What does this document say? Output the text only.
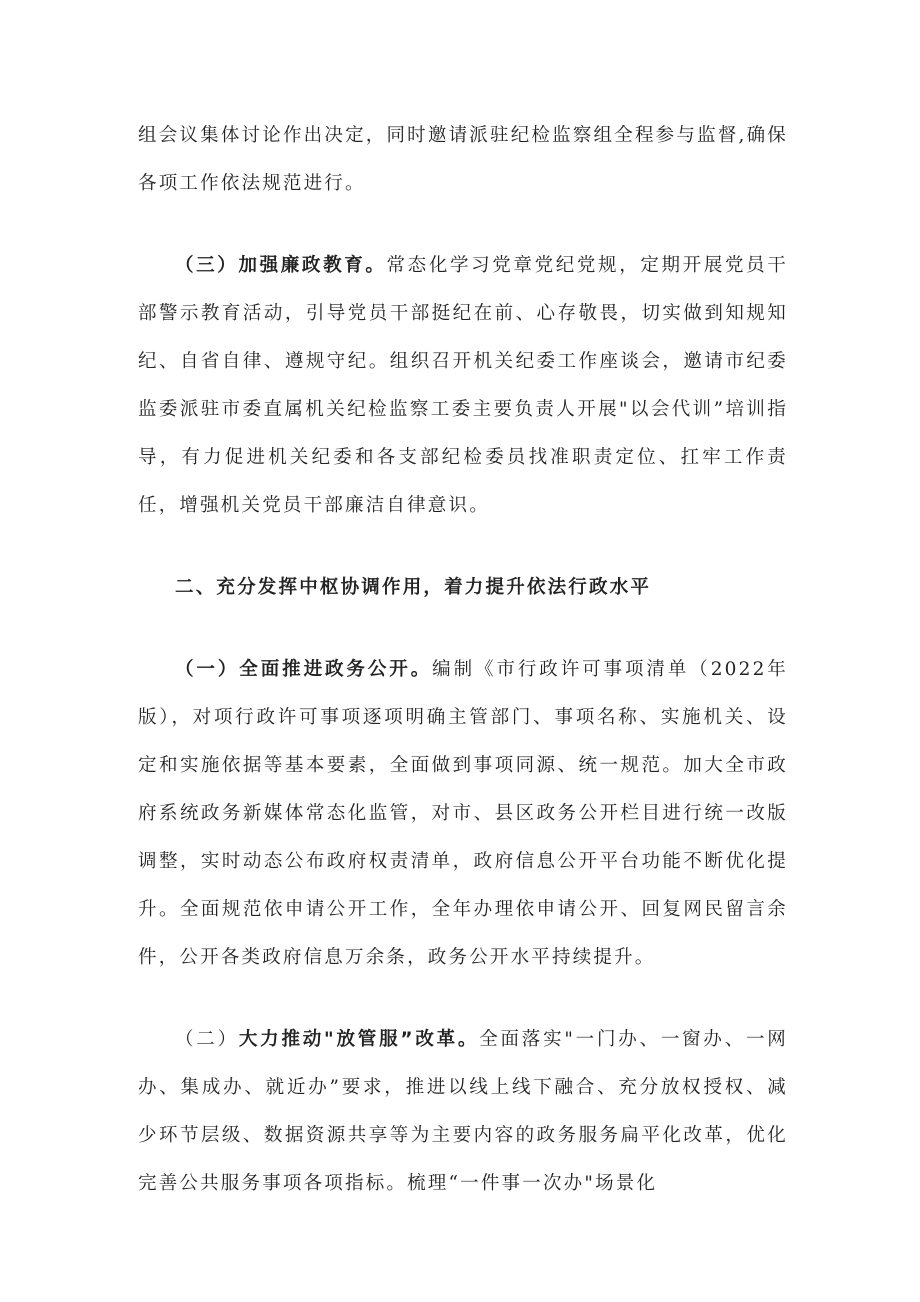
组会议集体讨论作出决定，同时邀请派驻纪检监察组全程参与监督,确保各项工作依法规范进行。

（三）加强廉政教育。常态化学习党章党纪党规，定期开展党员干部警示教育活动，引导党员干部挺纪在前、心存敬畏，切实做到知规知纪、自省自律、遵规守纪。组织召开机关纪委工作座谈会，邀请市纪委监委派驻市委直属机关纪检监察工委主要负责人开展"以会代训”培训指导，有力促进机关纪委和各支部纪检委员找准职责定位、扛牢工作责任，增强机关党员干部廉洁自律意识。

二、充分发挥中枢协调作用，着力提升依法行政水平

（一）全面推进政务公开。编制《市行政许可事项清单（2022年版），对项行政许可事项逐项明确主管部门、事项名称、实施机关、设定和实施依据等基本要素，全面做到事项同源、统一规范。加大全市政府系统政务新媒体常态化监管，对市、县区政务公开栏目进行统一改版调整，实时动态公布政府权责清单，政府信息公开平台功能不断优化提升。全面规范依申请公开工作，全年办理依申请公开、回复网民留言余件，公开各类政府信息万余条，政务公开水平持续提升。

（二）大力推动"放管服”改革。全面落实"一门办、一窗办、一网办、集成办、就近办”要求，推进以线上线下融合、充分放权授权、减少环节层级、数据资源共享等为主要内容的政务服务扁平化改革，优化完善公共服务事项各项指标。梳理“一件事一次办"场景化
